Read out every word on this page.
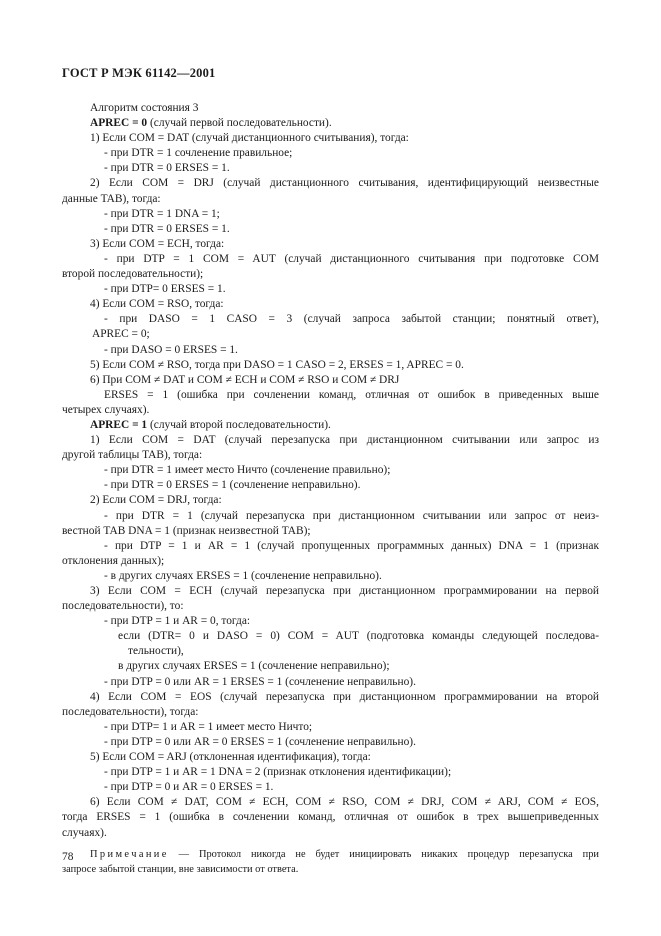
ГОСТ Р МЭК 61142—2001
Алгоритм состояния 3
APREC = 0 (случай первой последовательности).
1) Если COM = DAT (случай дистанционного считывания), тогда:
- при DTR = 1 сочленение правильное;
- при DTR = 0 ERSES = 1.
2) Если COM = DRJ (случай дистанционного считывания, идентифицирующий неизвестные
данные TAB), тогда:
- при DTR = 1 DNA = 1;
- при DTR = 0 ERSES = 1.
3) Если COM = ECH, тогда:
- при DTP = 1 COM = AUT (случай дистанционного считывания при подготовке COM
второй последовательности);
- при DTP= 0 ERSES = 1.
4) Если COM = RSO, тогда:
- при DASO = 1 CASO = 3 (случай запроса забытой станции; понятный ответ),
APREC = 0;
- при DASO = 0 ERSES = 1.
5) Если COM ≠ RSO, тогда при DASO = 1 CASO = 2, ERSES = 1, APREC = 0.
6) При COM ≠ DAT и COM ≠ ECH и COM ≠ RSO и COM ≠ DRJ
ERSES = 1 (ошибка при сочленении команд, отличная от ошибок в приведенных выше
четырех случаях).
APREC = 1 (случай второй последовательности).
1) Если COM = DAT (случай перезапуска при дистанционном считывании или запрос из
другой таблицы TAB), тогда:
- при DTR = 1 имеет место Ничто (сочленение правильно);
- при DTR = 0 ERSES = 1 (сочленение неправильно).
2) Если COM = DRJ, тогда:
- при DTR = 1 (случай перезапуска при дистанционном считывании или запрос от неиз-
вестной TAB DNA = 1 (признак неизвестной TAB);
- при DTP = 1 и AR = 1 (случай пропущенных программных данных) DNA = 1 (признак
отклонения данных);
- в других случаях ERSES = 1 (сочленение неправильно).
3) Если COM = ECH (случай перезапуска при дистанционном программировании на первой
последовательности), то:
- при DTP = 1 и AR = 0, тогда:
если (DTR= 0 и DASO = 0) COM = AUT (подготовка команды следующей последова-
тельности),
в других случаях ERSES = 1 (сочленение неправильно);
- при DTP = 0 или AR = 1 ERSES = 1 (сочленение неправильно).
4) Если COM = EOS (случай перезапуска при дистанционном программировании на второй
последовательности), тогда:
- при DTP= 1 и AR = 1 имеет место Ничто;
- при DTP = 0 или AR = 0 ERSES = 1 (сочленение неправильно).
5) Если COM = ARJ (отклоненная идентификация), тогда:
- при DTP = 1 и AR = 1 DNA = 2 (признак отклонения идентификации);
- при DTP = 0 и AR = 0 ERSES = 1.
6) Если COM ≠ DAT, COM ≠ ECH, COM ≠ RSO, COM ≠ DRJ, COM ≠ ARJ, COM ≠ EOS,
тогда ERSES = 1 (ошибка в сочленении команд, отличная от ошибок в трех вышеприведенных
случаях).
Примечание — Протокол никогда не будет инициировать никаких процедур перезапуска при
запросе забытой станции, вне зависимости от ответа.
78
